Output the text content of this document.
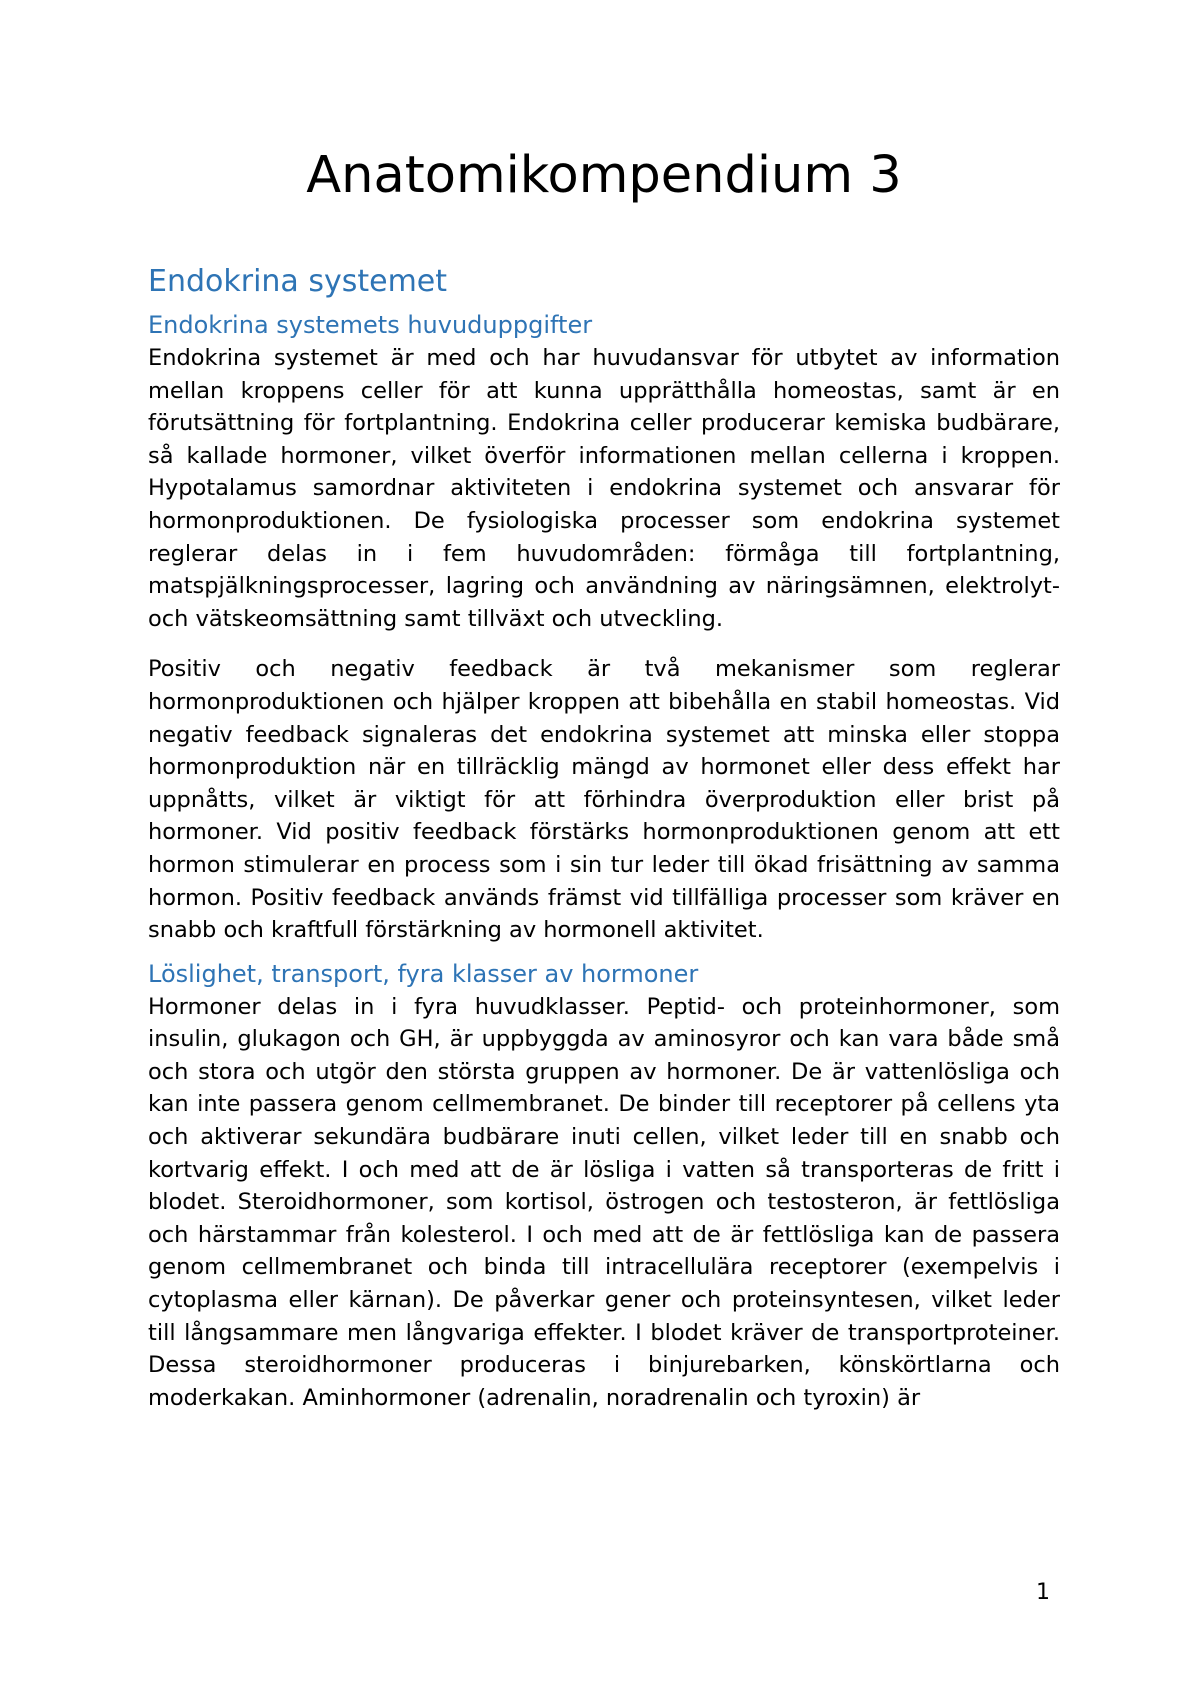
Anatomikompendium 3
Endokrina systemet
Endokrina systemets huvuduppgifter

Endokrina systemet är med och har huvudansvar för utbytet av information mellan kroppens celler för att kunna upprätthålla homeostas, samt är en förutsättning för fortplantning. Endokrina celler producerar kemiska budbärare, så kallade hormoner, vilket överför informationen mellan cellerna i kroppen. Hypotalamus samordnar aktiviteten i endokrina systemet och ansvarar för hormonproduktionen. De fysiologiska processer som endokrina systemet reglerar delas in i fem huvudområden: förmåga till fortplantning, matspjälkningsprocesser, lagring och användning av näringsämnen, elektrolyt- och vätskeomsättning samt tillväxt och utveckling.

Positiv och negativ feedback är två mekanismer som reglerar hormonproduktionen och hjälper kroppen att bibehålla en stabil homeostas. Vid negativ feedback signaleras det endokrina systemet att minska eller stoppa hormonproduktion när en tillräcklig mängd av hormonet eller dess effekt har uppnåtts, vilket är viktigt för att förhindra överproduktion eller brist på hormoner. Vid positiv feedback förstärks hormonproduktionen genom att ett hormon stimulerar en process som i sin tur leder till ökad frisättning av samma hormon. Positiv feedback används främst vid tillfälliga processer som kräver en snabb och kraftfull förstärkning av hormonell aktivitet.

Löslighet, transport, fyra klasser av hormoner

Hormoner delas in i fyra huvudklasser. Peptid- och proteinhormoner, som insulin, glukagon och GH, är uppbyggda av aminosyror och kan vara både små och stora och utgör den största gruppen av hormoner. De är vattenlösliga och kan inte passera genom cellmembranet. De binder till receptorer på cellens yta och aktiverar sekundära budbärare inuti cellen, vilket leder till en snabb och kortvarig effekt. I och med att de är lösliga i vatten så transporteras de fritt i blodet. Steroidhormoner, som kortisol, östrogen och testosteron, är fettlösliga och härstammar från kolesterol. I och med att de är fettlösliga kan de passera genom cellmembranet och binda till intracellulära receptorer (exempelvis i cytoplasma eller kärnan). De påverkar gener och proteinsyntesen, vilket leder till långsammare men långvariga effekter. I blodet kräver de transportproteiner. Dessa steroidhormoner produceras i binjurebarken, könskörtlarna och moderkakan. Aminhormoner (adrenalin, noradrenalin och tyroxin) är

1
